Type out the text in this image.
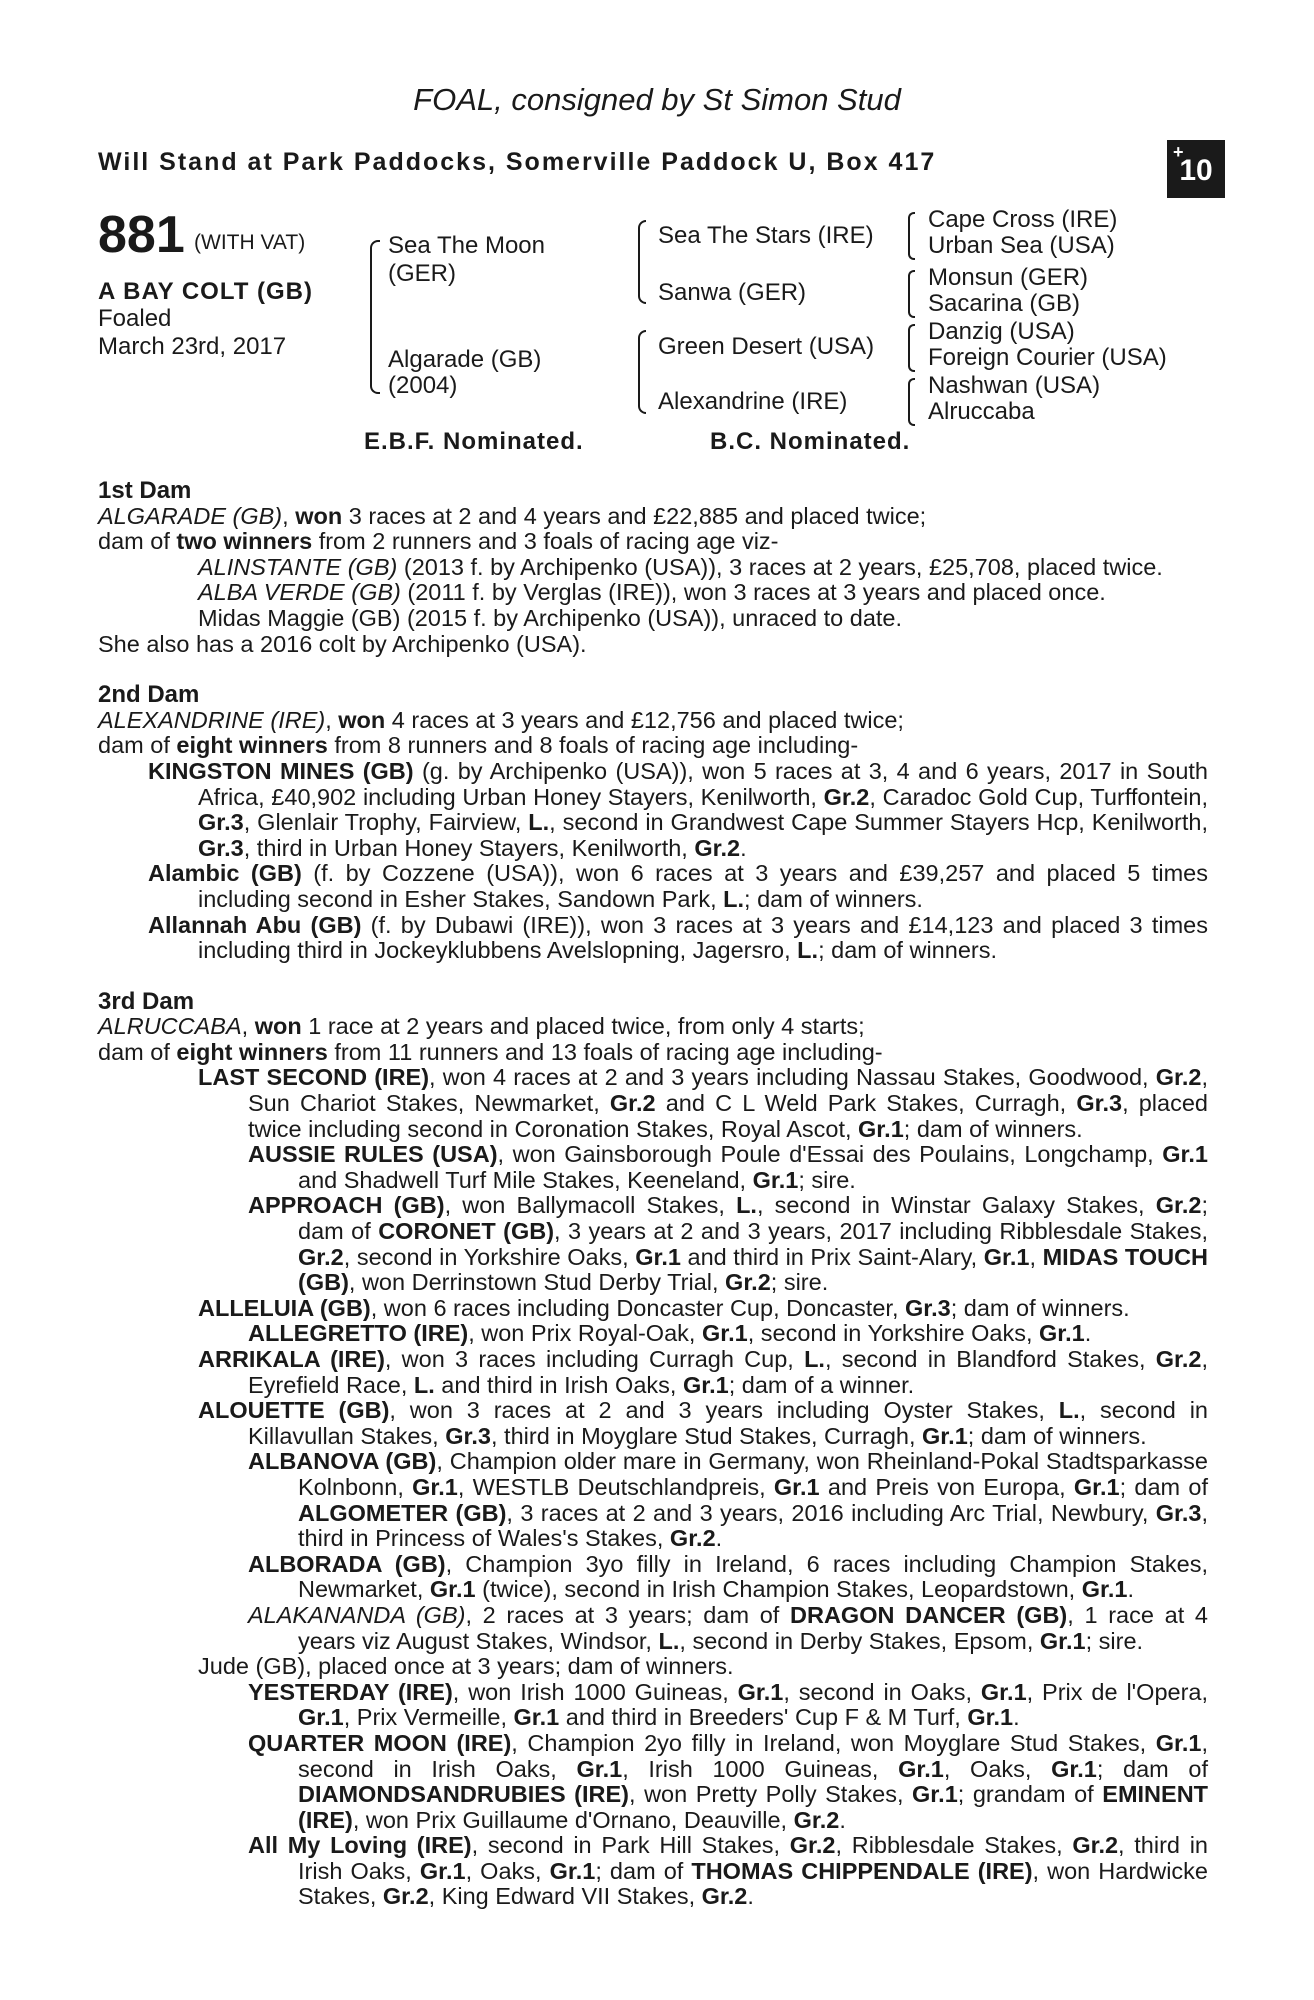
FOAL, consigned by St Simon Stud
Will Stand at Park Paddocks, Somerville Paddock U, Box 417	+
10
881 (WITH VAT)
A BAY COLT (GB)
Foaled
March 23rd, 2017
Sea The Moon
(GER)
Algarade (GB)
(2004)
Sea The Stars (IRE)
Sanwa (GER)
Green Desert (USA)
Alexandrine (IRE)
Cape Cross (IRE)
Urban Sea (USA)
Monsun (GER)
Sacarina (GB)
Danzig (USA)
Foreign Courier (USA)
Nashwan (USA)
Alruccaba
E.B.F. Nominated.	B.C. Nominated.
1st Dam
ALGARADE (GB), won 3 races at 2 and 4 years and £22,885 and placed twice;
dam of two winners from 2 runners and 3 foals of racing age viz-
ALINSTANTE (GB) (2013 f. by Archipenko (USA)), 3 races at 2 years, £25,708, placed twice.
ALBA VERDE (GB) (2011 f. by Verglas (IRE)), won 3 races at 3 years and placed once.
Midas Maggie (GB) (2015 f. by Archipenko (USA)), unraced to date.
She also has a 2016 colt by Archipenko (USA).
2nd Dam
ALEXANDRINE (IRE), won 4 races at 3 years and £12,756 and placed twice;
dam of eight winners from 8 runners and 8 foals of racing age including-
KINGSTON MINES (GB) (g. by Archipenko (USA)), won 5 races at 3, 4 and 6 years, 2017 in South Africa, £40,902 including Urban Honey Stayers, Kenilworth, Gr.2, Caradoc Gold Cup, Turffontein, Gr.3, Glenlair Trophy, Fairview, L., second in Grandwest Cape Summer Stayers Hcp, Kenilworth, Gr.3, third in Urban Honey Stayers, Kenilworth, Gr.2.
Alambic (GB) (f. by Cozzene (USA)), won 6 races at 3 years and £39,257 and placed 5 times including second in Esher Stakes, Sandown Park, L.; dam of winners.
Allannah Abu (GB) (f. by Dubawi (IRE)), won 3 races at 3 years and £14,123 and placed 3 times including third in Jockeyklubbens Avelslopning, Jagersro, L.; dam of winners.
3rd Dam
ALRUCCABA, won 1 race at 2 years and placed twice, from only 4 starts;
dam of eight winners from 11 runners and 13 foals of racing age including-
LAST SECOND (IRE), won 4 races at 2 and 3 years including Nassau Stakes, Goodwood, Gr.2, Sun Chariot Stakes, Newmarket, Gr.2 and C L Weld Park Stakes, Curragh, Gr.3, placed twice including second in Coronation Stakes, Royal Ascot, Gr.1; dam of winners.
AUSSIE RULES (USA), won Gainsborough Poule d'Essai des Poulains, Longchamp, Gr.1 and Shadwell Turf Mile Stakes, Keeneland, Gr.1; sire.
APPROACH (GB), won Ballymacoll Stakes, L., second in Winstar Galaxy Stakes, Gr.2; dam of CORONET (GB), 3 years at 2 and 3 years, 2017 including Ribblesdale Stakes, Gr.2, second in Yorkshire Oaks, Gr.1 and third in Prix Saint-Alary, Gr.1, MIDAS TOUCH (GB), won Derrinstown Stud Derby Trial, Gr.2; sire.
ALLELUIA (GB), won 6 races including Doncaster Cup, Doncaster, Gr.3; dam of winners.
ALLEGRETTO (IRE), won Prix Royal-Oak, Gr.1, second in Yorkshire Oaks, Gr.1.
ARRIKALA (IRE), won 3 races including Curragh Cup, L., second in Blandford Stakes, Gr.2, Eyrefield Race, L. and third in Irish Oaks, Gr.1; dam of a winner.
ALOUETTE (GB), won 3 races at 2 and 3 years including Oyster Stakes, L., second in Killavullan Stakes, Gr.3, third in Moyglare Stud Stakes, Curragh, Gr.1; dam of winners.
ALBANOVA (GB), Champion older mare in Germany, won Rheinland-Pokal Stadtsparkasse Kolnbonn, Gr.1, WESTLB Deutschlandpreis, Gr.1 and Preis von Europa, Gr.1; dam of ALGOMETER (GB), 3 races at 2 and 3 years, 2016 including Arc Trial, Newbury, Gr.3, third in Princess of Wales's Stakes, Gr.2.
ALBORADA (GB), Champion 3yo filly in Ireland, 6 races including Champion Stakes, Newmarket, Gr.1 (twice), second in Irish Champion Stakes, Leopardstown, Gr.1.
ALAKANANDA (GB), 2 races at 3 years; dam of DRAGON DANCER (GB), 1 race at 4 years viz August Stakes, Windsor, L., second in Derby Stakes, Epsom, Gr.1; sire.
Jude (GB), placed once at 3 years; dam of winners.
YESTERDAY (IRE), won Irish 1000 Guineas, Gr.1, second in Oaks, Gr.1, Prix de l'Opera, Gr.1, Prix Vermeille, Gr.1 and third in Breeders' Cup F & M Turf, Gr.1.
QUARTER MOON (IRE), Champion 2yo filly in Ireland, won Moyglare Stud Stakes, Gr.1, second in Irish Oaks, Gr.1, Irish 1000 Guineas, Gr.1, Oaks, Gr.1; dam of DIAMONDSANDRUBIES (IRE), won Pretty Polly Stakes, Gr.1; grandam of EMINENT (IRE), won Prix Guillaume d'Ornano, Deauville, Gr.2.
All My Loving (IRE), second in Park Hill Stakes, Gr.2, Ribblesdale Stakes, Gr.2, third in Irish Oaks, Gr.1, Oaks, Gr.1; dam of THOMAS CHIPPENDALE (IRE), won Hardwicke Stakes, Gr.2, King Edward VII Stakes, Gr.2.
